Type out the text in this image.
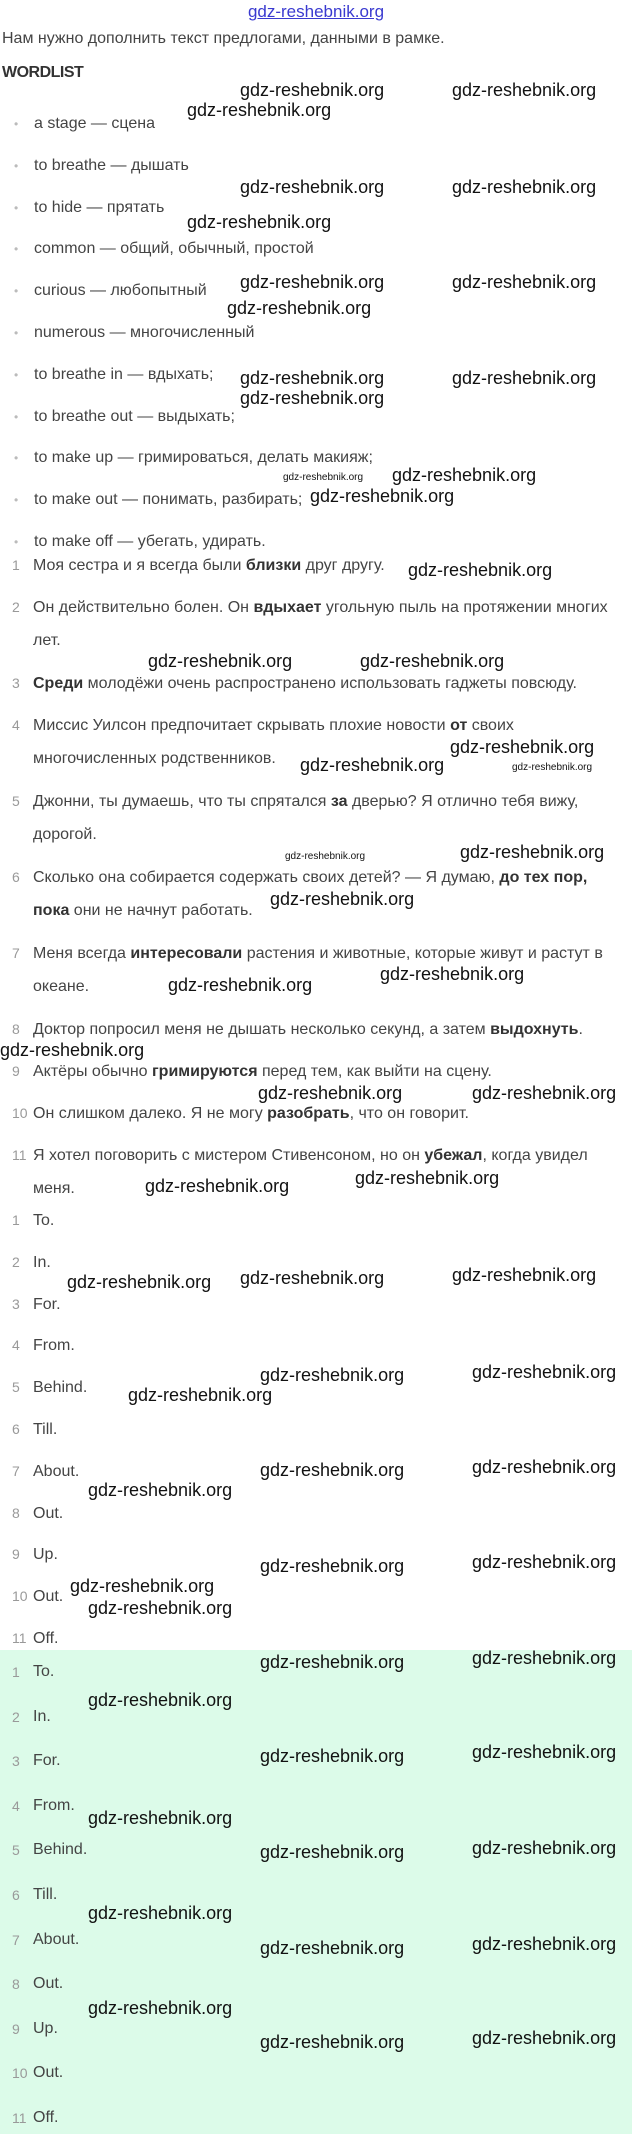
gdz-reshebnik.org
Нам нужно дополнить текст предлогами, данными в рамке.
WORDLIST
• a stage — сцена
• to breathe — дышать
• to hide — прятать
• common — общий, обычный, простой
• curious — любопытный
• numerous — многочисленный
• to breathe in — вдыхать;
• to breathe out — выдыхать;
• to make up — гримироваться, делать макияж;
• to make out — понимать, разбирать;
• to make off — убегать, удирать.
1 Моя сестра и я всегда были близки друг другу.
2 Он действительно болен. Он вдыхает угольную пыль на протяжении многих лет.
3 Среди молодёжи очень распространено использовать гаджеты повсюду.
4 Миссис Уилсон предпочитает скрывать плохие новости от своих многочисленных родственников.
5 Джонни, ты думаешь, что ты спрятался за дверью? Я отлично тебя вижу, дорогой.
6 Сколько она собирается содержать своих детей? — Я думаю, до тех пор, пока они не начнут работать.
7 Меня всегда интересовали растения и животные, которые живут и растут в океане.
8 Доктор попросил меня не дышать несколько секунд, а затем выдохнуть.
9 Актёры обычно гримируются перед тем, как выйти на сцену.
10 Он слишком далеко. Я не могу разобрать, что он говорит.
11 Я хотел поговорить с мистером Стивенсоном, но он убежал, когда увидел меня.
1 To.
2 In.
3 For.
4 From.
5 Behind.
6 Till.
7 About.
8 Out.
9 Up.
10 Out.
11 Off.
1 To.
2 In.
3 For.
4 From.
5 Behind.
6 Till.
7 About.
8 Out.
9 Up.
10 Out.
11 Off.
gdz-reshebnik.org
gdz-reshebnik.org	gdz-reshebnik.org
gdz-reshebnik.org	gdz-reshebnik.org
gdz-reshebnik.org
gdz-reshebnik.org	gdz-reshebnik.org
gdz-reshebnik.org
gdz-reshebnik.org	gdz-reshebnik.org
gdz-reshebnik.org
gdz-reshebnik.org
gdz-reshebnik.org
gdz-reshebnik.org
gdz-reshebnik.org
gdz-reshebnik.org	gdz-reshebnik.org
gdz-reshebnik.org	gdz-reshebnik.org
gdz-reshebnik.org
gdz-reshebnik.org	gdz-reshebnik.org
gdz-reshebnik.org
gdz-reshebnik.org
gdz-reshebnik.org
gdz-reshebnik.org
gdz-reshebnik.org	gdz-reshebnik.org
gdz-reshebnik.org
gdz-reshebnik.org
gdz-reshebnik.org gdz-reshebnik.org	gdz-reshebnik.org
gdz-reshebnik.org
gdz-reshebnik.org	gdz-reshebnik.org
gdz-reshebnik.org	gdz-reshebnik.org
gdz-reshebnik.org
gdz-reshebnik.org
gdz-reshebnik.org	gdz-reshebnik.org
gdz-reshebnik.org
gdz-reshebnik.org	gdz-reshebnik.org
gdz-reshebnik.org
gdz-reshebnik.org	gdz-reshebnik.org
gdz-reshebnik.org
gdz-reshebnik.org	gdz-reshebnik.org
gdz-reshebnik.org
gdz-reshebnik.org	gdz-reshebnik.org
gdz-reshebnik.org
gdz-reshebnik.org	gdz-reshebnik.org
